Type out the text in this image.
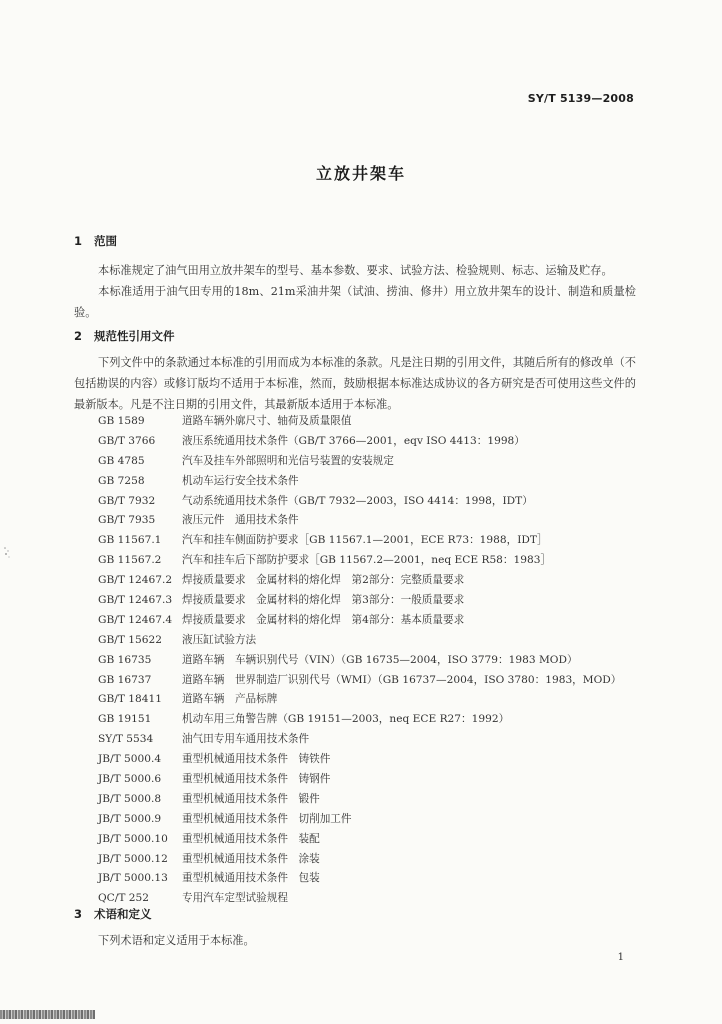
SY/T 5139—2008
立放井架车
1 范围

本标准规定了油气田用立放井架车的型号、基本参数、要求、试验方法、检验规则、标志、运输及贮存。

本标准适用于油气田专用的18m、21m采油井架（试油、捞油、修井）用立放井架车的设计、制造和质量检验。

2 规范性引用文件

下列文件中的条款通过本标准的引用而成为本标准的条款。凡是注日期的引用文件，其随后所有的修改单（不包括勘误的内容）或修订版均不适用于本标准，然而，鼓励根据本标准达成协议的各方研究是否可使用这些文件的最新版本。凡是不注日期的引用文件，其最新版本适用于本标准。

GB 1589	道路车辆外廓尺寸、轴荷及质量限值
GB/T 3766	液压系统通用技术条件（GB/T 3766—2001，eqv ISO 4413：1998）
GB 4785	汽车及挂车外部照明和光信号装置的安装规定
GB 7258	机动车运行安全技术条件
GB/T 7932	气动系统通用技术条件（GB/T 7932—2003，ISO 4414：1998，IDT）
GB/T 7935	液压元件　通用技术条件
GB 11567.1 汽车和挂车侧面防护要求［GB 11567.1—2001，ECE R73：1988，IDT］
GB 11567.2 汽车和挂车后下部防护要求［GB 11567.2—2001，neq ECE R58：1983］
GB/T 12467.2 焊接质量要求　金属材料的熔化焊　第2部分：完整质量要求
GB/T 12467.3 焊接质量要求　金属材料的熔化焊　第3部分：一般质量要求
GB/T 12467.4 焊接质量要求　金属材料的熔化焊　第4部分：基本质量要求
GB/T 15622 液压缸试验方法
GB 16735	道路车辆　车辆识别代号（VIN）（GB 16735—2004，ISO 3779：1983 MOD）
GB 16737	道路车辆　世界制造厂识别代号（WMI）（GB 16737—2004，ISO 3780：1983，MOD）
GB/T 18411 道路车辆　产品标牌
GB 19151	机动车用三角警告牌（GB 19151—2003，neq ECE R27：1992）
SY/T 5534	油气田专用车通用技术条件
JB/T 5000.4 重型机械通用技术条件　铸铁件
JB/T 5000.6 重型机械通用技术条件　铸钢件
JB/T 5000.8 重型机械通用技术条件　锻件
JB/T 5000.9 重型机械通用技术条件　切削加工件
JB/T 5000.10 重型机械通用技术条件　装配
JB/T 5000.12 重型机械通用技术条件　涂装
JB/T 5000.13 重型机械通用技术条件　包装
QC/T 252	专用汽车定型试验规程
3 术语和定义

下列术语和定义适用于本标准。

1
